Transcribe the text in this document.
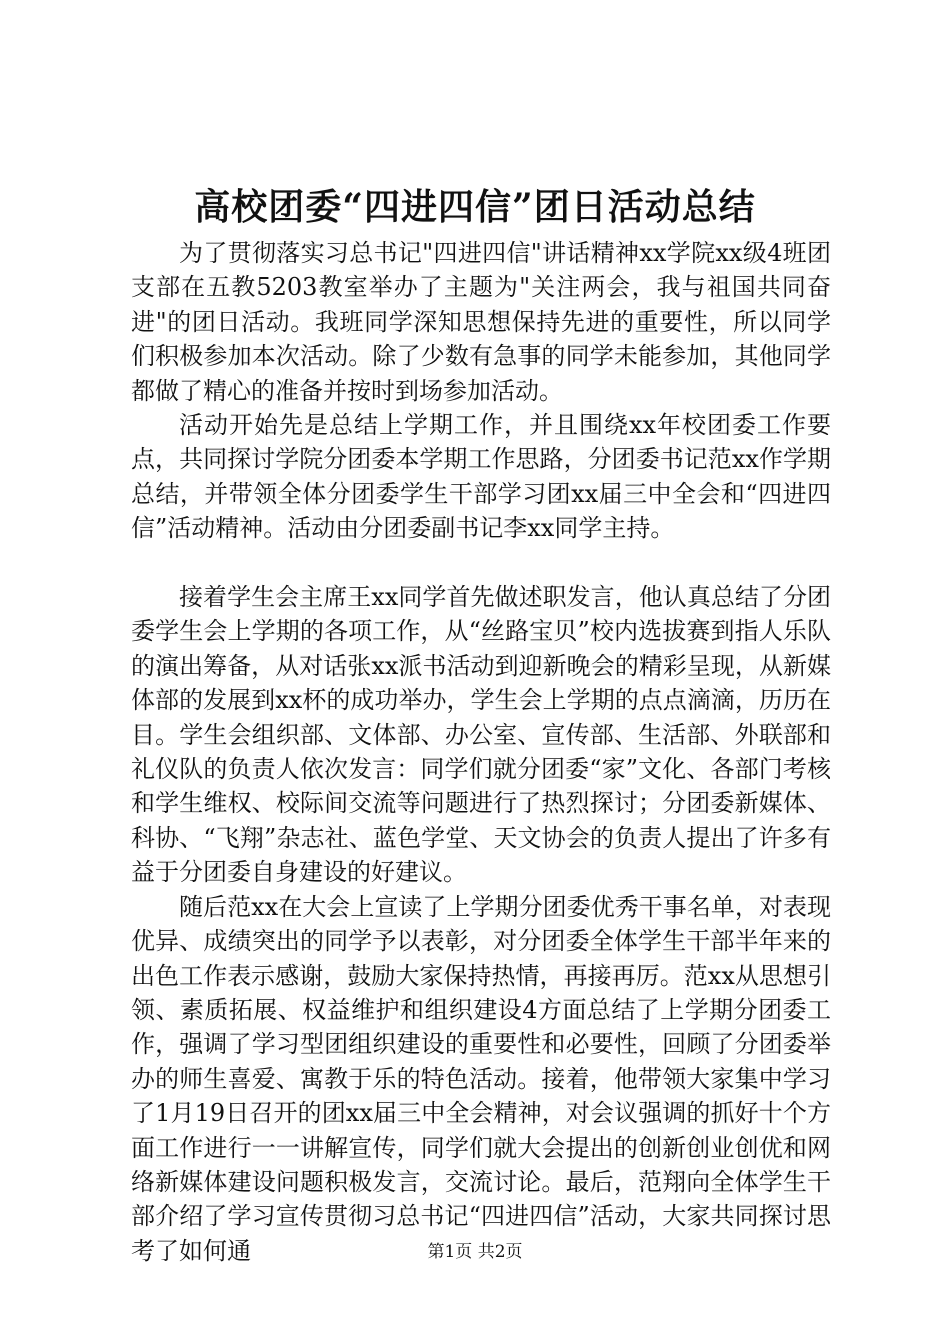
高校团委“四进四信”团日活动总结

为了贯彻落实习总书记"四进四信"讲话精神xx学院xx级4班团支部在五教5203教室举办了主题为"关注两会，我与祖国共同奋进"的团日活动。我班同学深知思想保持先进的重要性，所以同学们积极参加本次活动。除了少数有急事的同学未能参加，其他同学都做了精心的准备并按时到场参加活动。

活动开始先是总结上学期工作，并且围绕xx年校团委工作要点，共同探讨学院分团委本学期工作思路，分团委书记范xx作学期总结，并带领全体分团委学生干部学习团xx届三中全会和“四进四信”活动精神。活动由分团委副书记李xx同学主持。

接着学生会主席王xx同学首先做述职发言，他认真总结了分团委学生会上学期的各项工作，从“丝路宝贝”校内选拔赛到指人乐队的演出筹备，从对话张xx派书活动到迎新晚会的精彩呈现，从新媒体部的发展到xx杯的成功举办，学生会上学期的点点滴滴，历历在目。学生会组织部、文体部、办公室、宣传部、生活部、外联部和礼仪队的负责人依次发言：同学们就分团委“家”文化、各部门考核和学生维权、校际间交流等问题进行了热烈探讨；分团委新媒体、科协、“飞翔”杂志社、蓝色学堂、天文协会的负责人提出了许多有益于分团委自身建设的好建议。

随后范xx在大会上宣读了上学期分团委优秀干事名单，对表现优异、成绩突出的同学予以表彰，对分团委全体学生干部半年来的出色工作表示感谢，鼓励大家保持热情，再接再厉。范xx从思想引领、素质拓展、权益维护和组织建设4方面总结了上学期分团委工作，强调了学习型团组织建设的重要性和必要性，回顾了分团委举办的师生喜爱、寓教于乐的特色活动。接着，他带领大家集中学习了1月19日召开的团xx届三中全会精神，对会议强调的抓好十个方面工作进行一一讲解宣传，同学们就大会提出的创新创业创优和网络新媒体建设问题积极发言，交流讨论。最后，范翔向全体学生干部介绍了学习宣传贯彻习总书记“四进四信”活动，大家共同探讨思考了如何通	第1页 共2页
